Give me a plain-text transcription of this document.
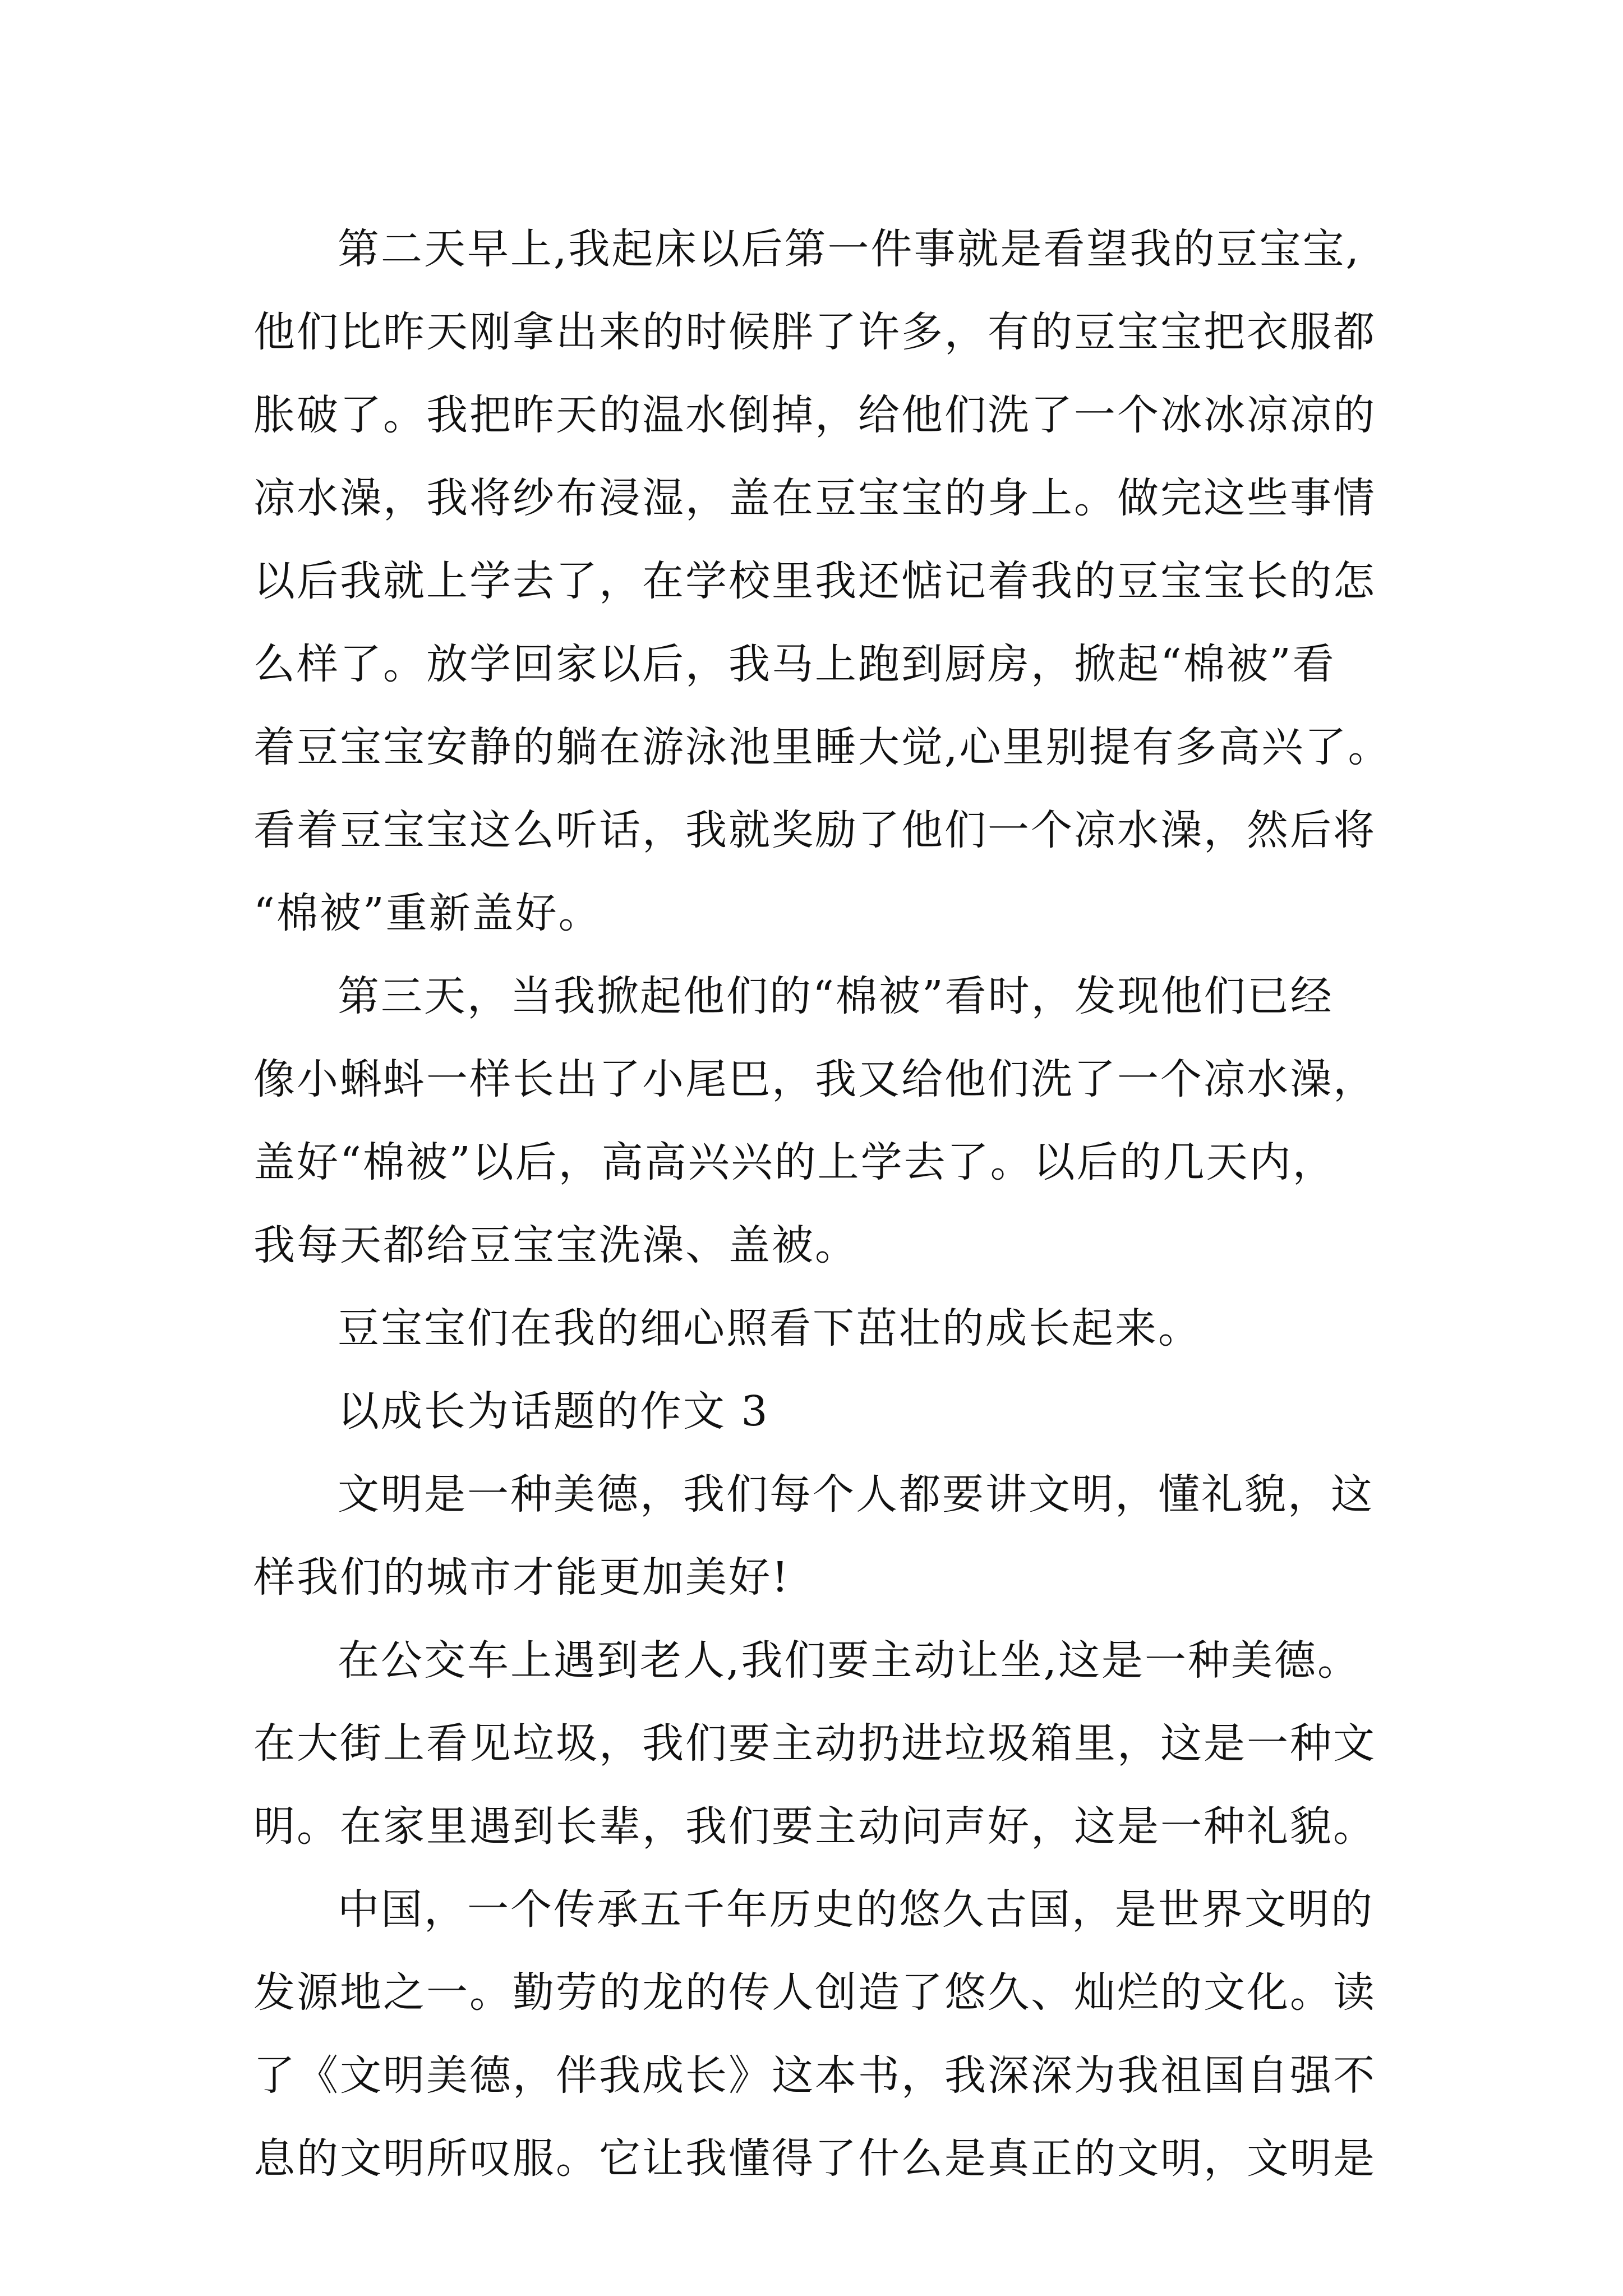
第二天早上,我起床以后第一件事就是看望我的豆宝宝,
他们比昨天刚拿出来的时候胖了许多，有的豆宝宝把衣服都
胀破了。我把昨天的温水倒掉，给他们洗了一个冰冰凉凉的
凉水澡，我将纱布浸湿，盖在豆宝宝的身上。做完这些事情
以后我就上学去了，在学校里我还惦记着我的豆宝宝长的怎
么样了。放学回家以后，我马上跑到厨房，掀起“棉被”看
着豆宝宝安静的躺在游泳池里睡大觉,心里别提有多高兴了。
看着豆宝宝这么听话，我就奖励了他们一个凉水澡，然后将
“棉被”重新盖好。
第三天，当我掀起他们的“棉被”看时，发现他们已经
像小蝌蚪一样长出了小尾巴，我又给他们洗了一个凉水澡，
盖好“棉被”以后，高高兴兴的上学去了。以后的几天内，
我每天都给豆宝宝洗澡、盖被。
豆宝宝们在我的细心照看下茁壮的成长起来。
以成长为话题的作文 3
文明是一种美德，我们每个人都要讲文明，懂礼貌，这
样我们的城市才能更加美好!
在公交车上遇到老人,我们要主动让坐,这是一种美德。
在大街上看见垃圾，我们要主动扔进垃圾箱里，这是一种文
明。在家里遇到长辈，我们要主动问声好，这是一种礼貌。
中国，一个传承五千年历史的悠久古国，是世界文明的
发源地之一。勤劳的龙的传人创造了悠久、灿烂的文化。读
了《文明美德，伴我成长》这本书，我深深为我祖国自强不
息的文明所叹服。它让我懂得了什么是真正的文明，文明是
